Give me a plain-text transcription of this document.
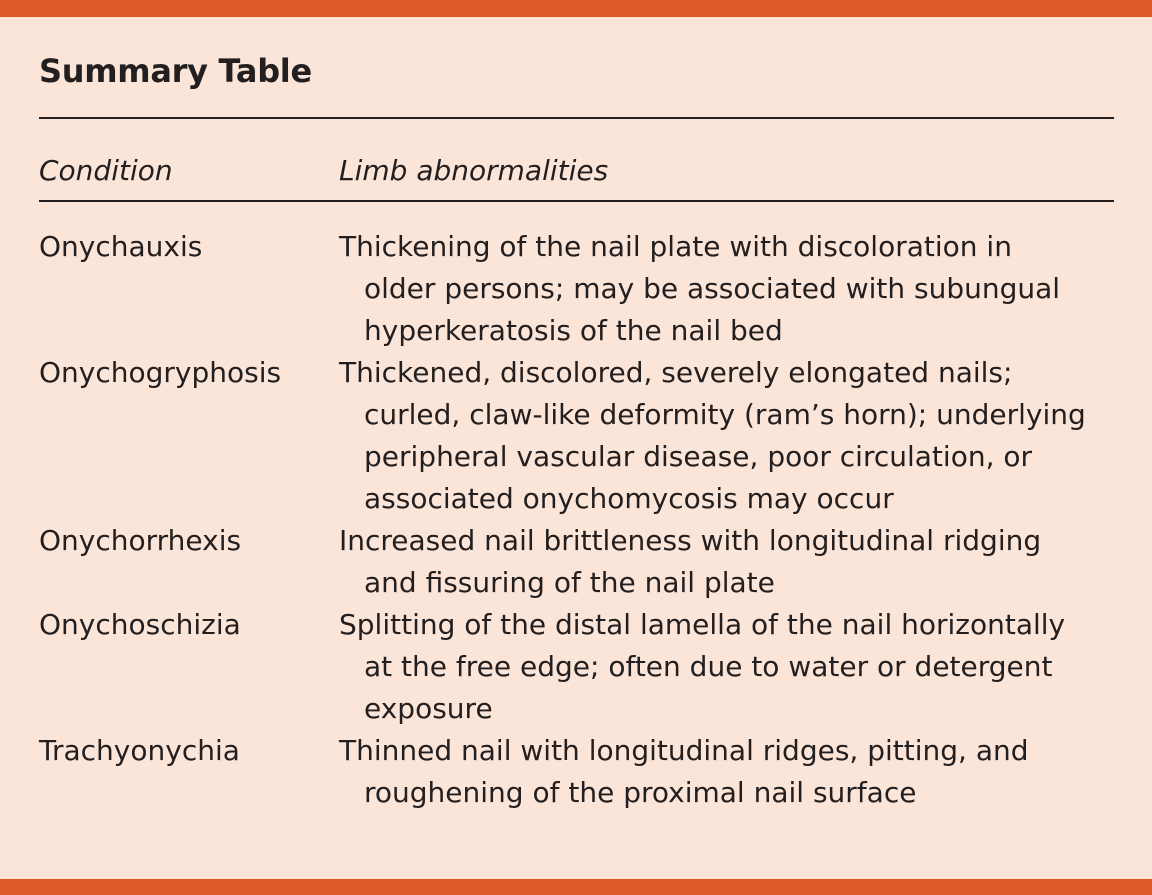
Summary Table
Condition	Limb abnormalities
Onychauxis	Thickening of the nail plate with discoloration in
older persons; may be associated with subungual
hyperkeratosis of the nail bed
Onychogryphosis Thickened, discolored, severely elongated nails;
curled, claw-like deformity (ram’s horn); underlying
peripheral vascular disease, poor circulation, or
associated onychomycosis may occur
Onychorrhexis	Increased nail brittleness with longitudinal ridging
and fissuring of the nail plate
Onychoschizia	Splitting of the distal lamella of the nail horizontally
at the free edge; often due to water or detergent
exposure
Trachyonychia	Thinned nail with longitudinal ridges, pitting, and
roughening of the proximal nail surface
